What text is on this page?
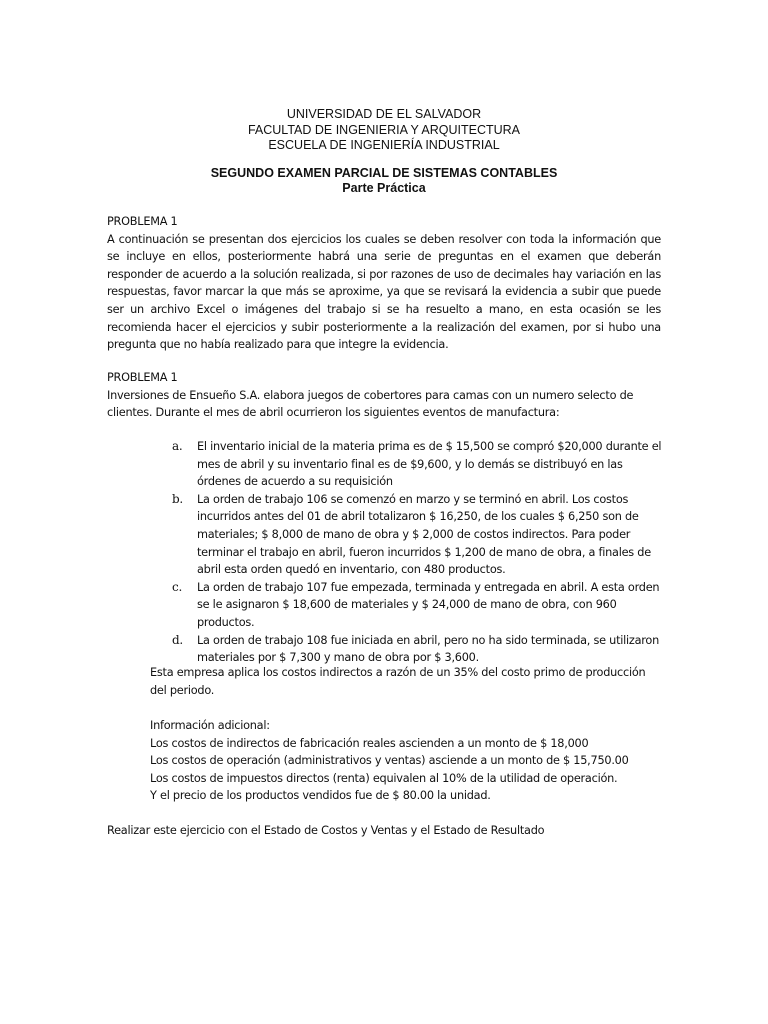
UNIVERSIDAD DE EL SALVADOR
FACULTAD DE INGENIERIA Y ARQUITECTURA
ESCUELA DE INGENIERÍA INDUSTRIAL
SEGUNDO EXAMEN PARCIAL DE SISTEMAS CONTABLES
Parte Práctica

PROBLEMA 1

A continuación se presentan dos ejercicios los cuales se deben resolver con toda la información que se incluye en ellos, posteriormente habrá una serie de preguntas en el examen que deberán responder de acuerdo a la solución realizada, si por razones de uso de decimales hay variación en las respuestas, favor marcar la que más se aproxime, ya que se revisará la evidencia a subir que puede ser un archivo Excel o imágenes del trabajo si se ha resuelto a mano, en esta ocasión se les recomienda hacer el ejercicios y subir posteriormente a la realización del examen, por si hubo una pregunta que no había realizado para que integre la evidencia.

PROBLEMA 1

Inversiones de Ensueño S.A. elabora juegos de cobertores para camas con un numero selecto de clientes. Durante el mes de abril ocurrieron los siguientes eventos de manufactura:

a. El inventario inicial de la materia prima es de $ 15,500 se compró $20,000 durante el mes de abril y su inventario final es de $9,600, y lo demás se distribuyó en las órdenes de acuerdo a su requisición
b. La orden de trabajo 106 se comenzó en marzo y se terminó en abril. Los costos incurridos antes del 01 de abril totalizaron $ 16,250, de los cuales $ 6,250 son de materiales; $ 8,000 de mano de obra y $ 2,000 de costos indirectos. Para poder terminar el trabajo en abril, fueron incurridos $ 1,200 de mano de obra, a finales de abril esta orden quedó en inventario, con 480 productos.
c. La orden de trabajo 107 fue empezada, terminada y entregada en abril. A esta orden se le asignaron $ 18,600 de materiales y $ 24,000 de mano de obra, con 960 productos.
d. La orden de trabajo 108 fue iniciada en abril, pero no ha sido terminada, se utilizaron materiales por $ 7,300 y mano de obra por $ 3,600.
Esta empresa aplica los costos indirectos a razón de un 35% del costo primo de producción del periodo.

Información adicional:

Los costos de indirectos de fabricación reales ascienden a un monto de $ 18,000

Los costos de operación (administrativos y ventas) asciende a un monto de $ 15,750.00

Los costos de impuestos directos (renta) equivalen al 10% de la utilidad de operación.

Y el precio de los productos vendidos fue de $ 80.00 la unidad.

Realizar este ejercicio con el Estado de Costos y Ventas y el Estado de Resultado
